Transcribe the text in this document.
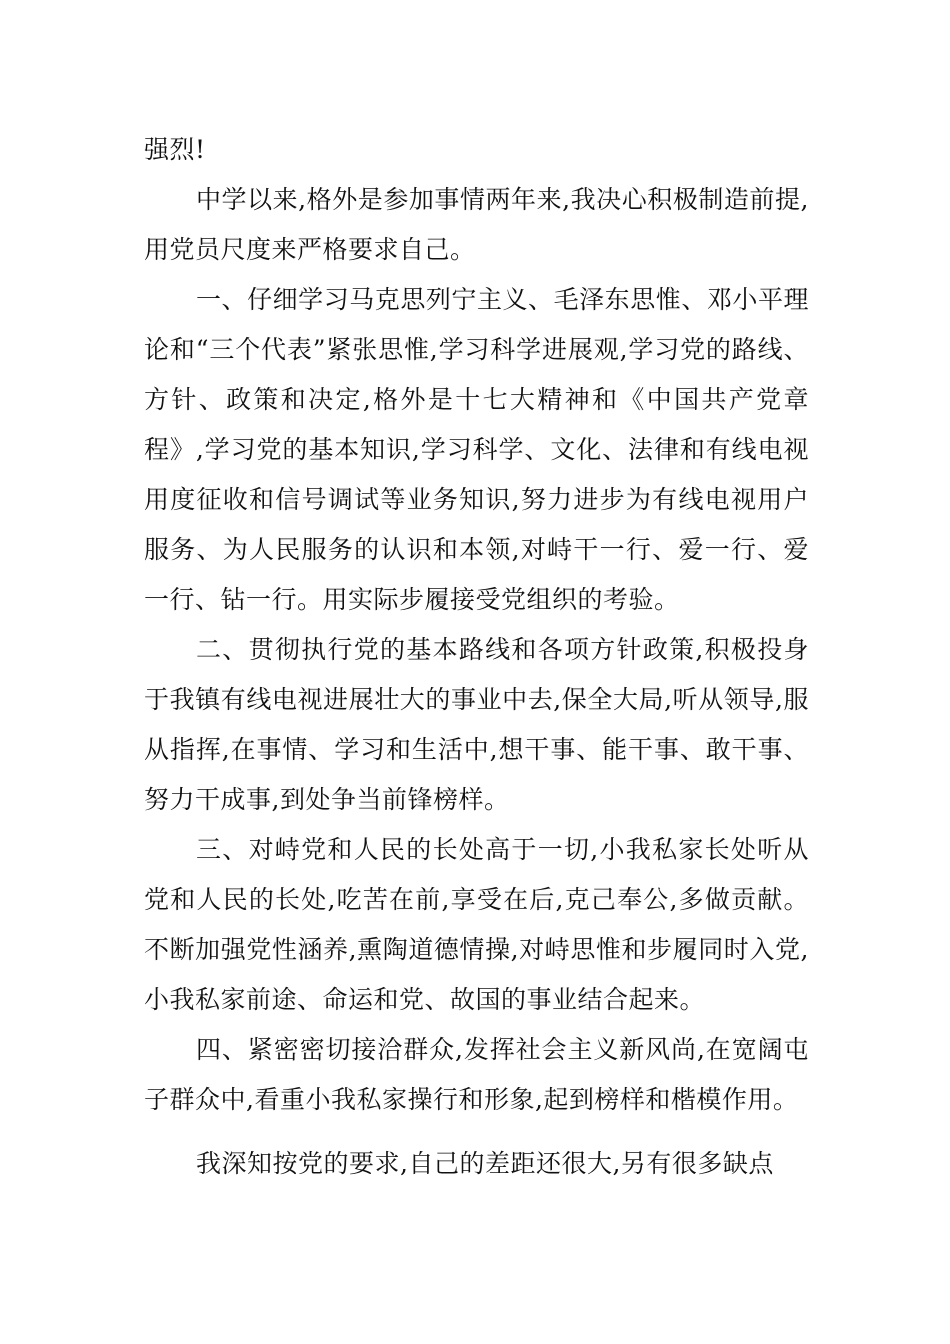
强烈!

中学以来,格外是参加事情两年来,我决心积极制造前提,用党员尺度来严格要求自己。

一、仔细学习马克思列宁主义、毛泽东思惟、邓小平理论和“三个代表”紧张思惟,学习科学进展观,学习党的路线、方针、政策和决定,格外是十七大精神和《中国共产党章程》,学习党的基本知识,学习科学、文化、法律和有线电视用度征收和信号调试等业务知识,努力进步为有线电视用户服务、为人民服务的认识和本领,对峙干一行、爱一行、爱一行、钻一行。用实际步履接受党组织的考验。

二、贯彻执行党的基本路线和各项方针政策,积极投身于我镇有线电视进展壮大的事业中去,保全大局,听从领导,服从指挥,在事情、学习和生活中,想干事、能干事、敢干事、努力干成事,到处争当前锋榜样。

三、对峙党和人民的长处高于一切,小我私家长处听从党和人民的长处,吃苦在前,享受在后,克己奉公,多做贡献。不断加强党性涵养,熏陶道德情操,对峙思惟和步履同时入党,小我私家前途、命运和党、故国的事业结合起来。

四、紧密密切接洽群众,发挥社会主义新风尚,在宽阔屯子群众中,看重小我私家操行和形象,起到榜样和楷模作用。

我深知按党的要求,自己的差距还很大,另有很多缺点
